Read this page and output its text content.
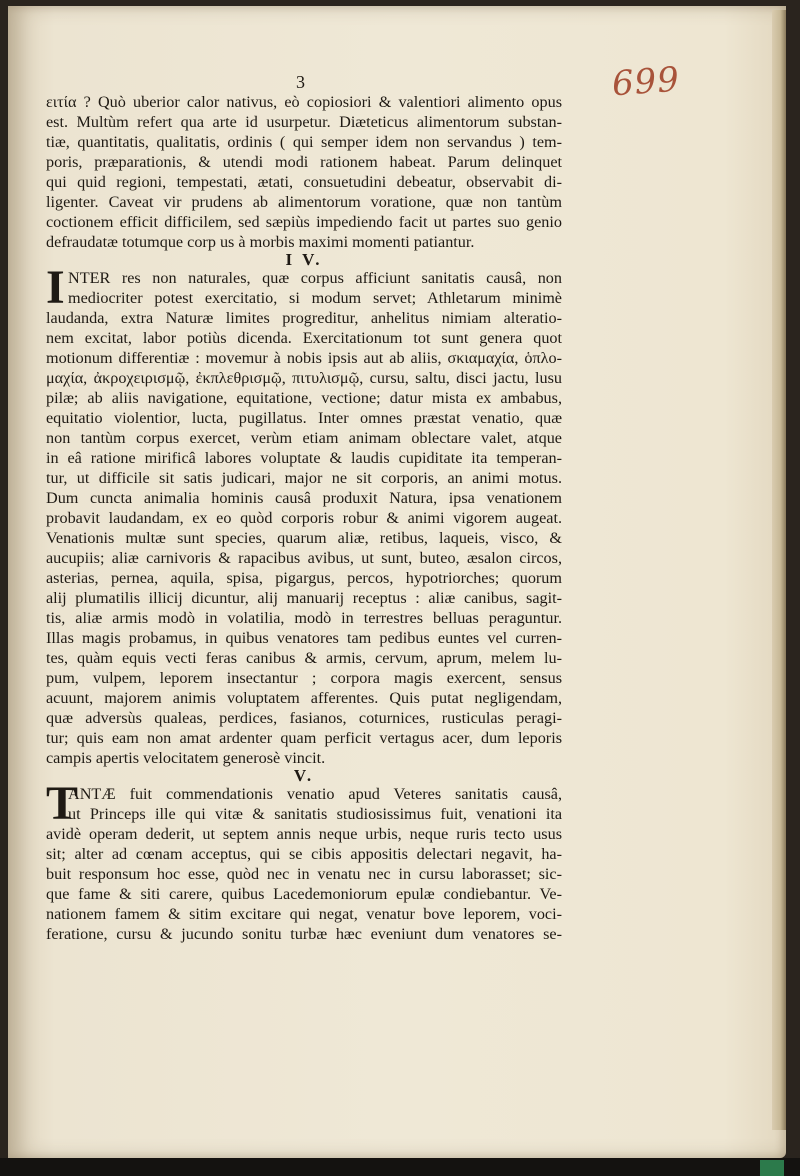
699
3
ειτία ? Quò uberior calor nativus, eò copiosiori & valentiori alimento opus
est. Multùm refert qua arte id usurpetur. Diæteticus alimentorum substan-
tiæ, quantitatis, qualitatis, ordinis ( qui semper idem non servandus ) tem-
poris, præparationis, & utendi modi rationem habeat. Parum delinquet
qui quid regioni, tempestati, ætati, consuetudini debeatur, observabit di-
ligenter. Caveat vir prudens ab alimentorum voratione, quæ non tantùm
coctionem efficit difficilem, sed sæpiùs impediendo facit ut partes suo genio
defraudatæ totumque corp us à morbis maximi momenti patiantur.
I V.
I NTER res non naturales, quæ corpus afficiunt sanitatis causâ, non
mediocriter potest exercitatio, si modum servet; Athletarum minimè
laudanda, extra Naturæ limites progreditur, anhelitus nimiam alteratio-
nem excitat, labor potiùs dicenda. Exercitationum tot sunt genera quot
motionum differentiæ : movemur à nobis ipsis aut ab aliis, σκιαμαχία, ὁπλο-
μαχία, ἀκροχειρισμῷ, ἐκπλεθρισμῷ, πιτυλισμῷ, cursu, saltu, disci jactu, lusu
pilæ; ab aliis navigatione, equitatione, vectione; datur mista ex ambabus,
equitatio violentior, lucta, pugillatus. Inter omnes præstat venatio, quæ
non tantùm corpus exercet, verùm etiam animam oblectare valet, atque
in eâ ratione mirificâ labores voluptate & laudis cupiditate ita temperan-
tur, ut difficile sit satis judicari, major ne sit corporis, an animi motus.
Dum cuncta animalia hominis causâ produxit Natura, ipsa venationem
probavit laudandam, ex eo quòd corporis robur & animi vigorem augeat.
Venationis multæ sunt species, quarum aliæ, retibus, laqueis, visco, &
aucupiis; aliæ carnivoris & rapacibus avibus, ut sunt, buteo, æsalon circos,
asterias, pernea, aquila, spisa, pigargus, percos, hypotriorches; quorum
alij plumatilis illicij dicuntur, alij manuarij receptus : aliæ canibus, sagit-
tis, aliæ armis modò in volatilia, modò in terrestres belluas peraguntur.
Illas magis probamus, in quibus venatores tam pedibus euntes vel curren-
tes, quàm equis vecti feras canibus & armis, cervum, aprum, melem lu-
pum, vulpem, leporem insectantur ; corpora magis exercent, sensus
acuunt, majorem animis voluptatem afferentes. Quis putat negligendam,
quæ adversùs qualeas, perdices, fasianos, coturnices, rusticulas peragi-
tur; quis eam non amat ardenter quam perficit vertagus acer, dum leporis
campis apertis velocitatem generosè vincit.
V.
T
ANTÆ fuit commendationis venatio apud Veteres sanitatis causâ,
ut Princeps ille qui vitæ & sanitatis studiosissimus fuit, venationi ita
avidè operam dederit, ut septem annis neque urbis, neque ruris tecto usus
sit; alter ad cœnam acceptus, qui se cibis appositis delectari negavit, ha-
buit responsum hoc esse, quòd nec in venatu nec in cursu laborasset; sic-
que fame & siti carere, quibus Lacedemoniorum epulæ condiebantur. Ve-
nationem famem & sitim excitare qui negat, venatur bove leporem, voci-
feratione, cursu & jucundo sonitu turbæ hæc eveniunt dum venatores se-
